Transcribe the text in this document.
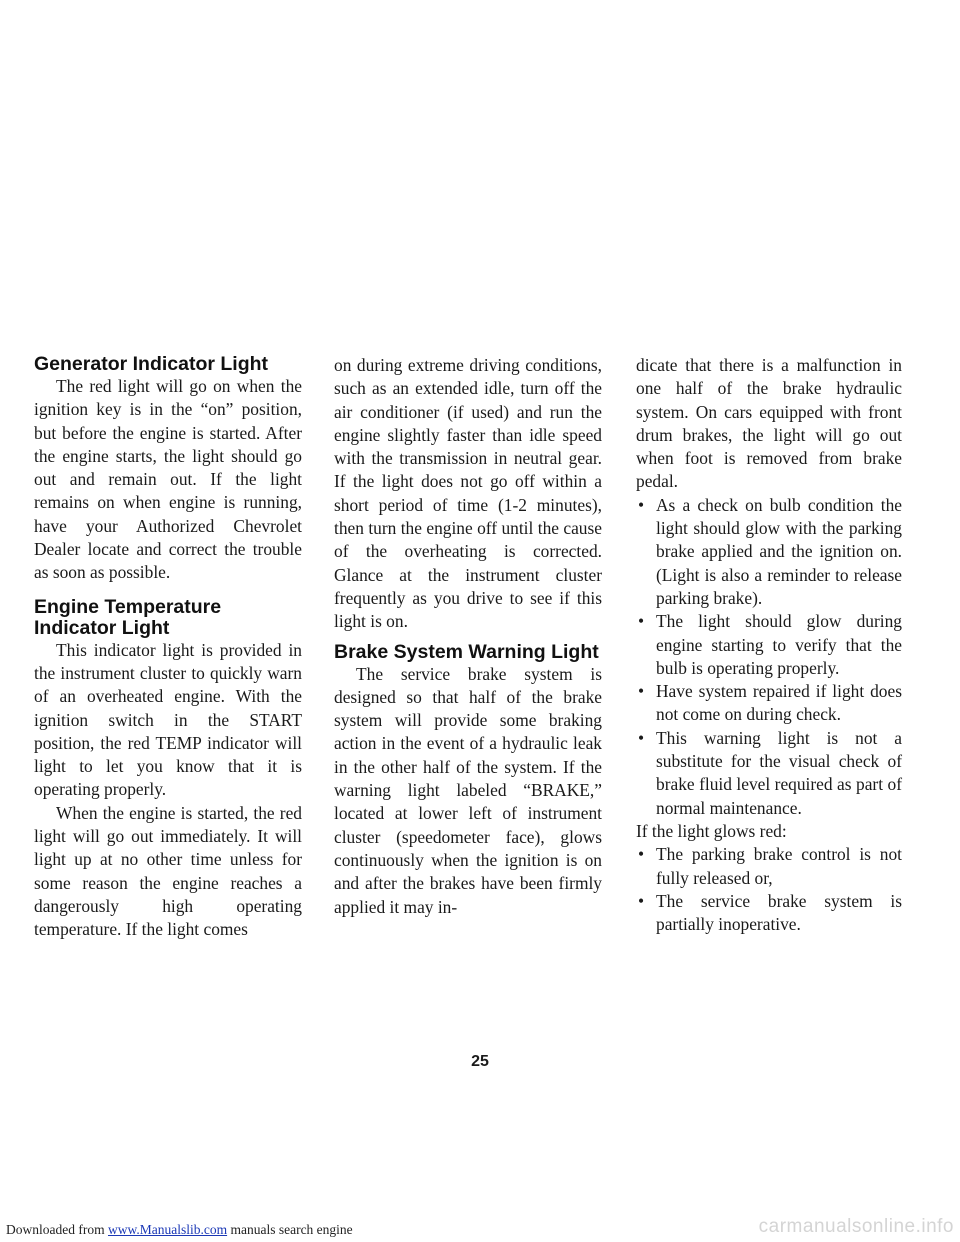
Generator Indicator Light

The red light will go on when the ignition key is in the “on” position, but before the engine is started. After the engine starts, the light should go out and remain out. If the light remains on when engine is running, have your Authorized Chevrolet Dealer locate and correct the trouble as soon as possible.

Engine Temperature Indicator Light

This indicator light is provided in the instrument cluster to quickly warn of an overheated engine. With the ignition switch in the START position, the red TEMP indicator will light to let you know that it is operating properly.

When the engine is started, the red light will go out immediately. It will light up at no other time unless for some reason the engine reaches a dangerously high operating temperature. If the light comes

on during extreme driving conditions, such as an extended idle, turn off the air conditioner (if used) and run the engine slightly faster than idle speed with the transmission in neutral gear. If the light does not go off within a short period of time (1-2 minutes), then turn the engine off until the cause of the overheating is corrected. Glance at the instrument cluster frequently as you drive to see if this light is on.

Brake System Warning Light

The service brake system is designed so that half of the brake system will provide some braking action in the event of a hydraulic leak in the other half of the system. If the warning light labeled “BRAKE,” located at lower left of instrument cluster (speedometer face), glows continuously when the ignition is on and after the brakes have been firmly applied it may in-

dicate that there is a malfunction in one half of the brake hydraulic system. On cars equipped with front drum brakes, the light will go out when foot is removed from brake pedal.

• As a check on bulb condition the light should glow with the parking brake applied and the ignition on. (Light is also a reminder to release parking brake).
• The light should glow during engine starting to verify that the bulb is operating properly.
• Have system repaired if light does not come on during check.
• This warning light is not a substitute for the visual check of brake fluid level required as part of normal maintenance.

If the light glows red:

• The parking brake control is not fully released or,
• The service brake system is partially inoperative.
25
Downloaded from www.Manualslib.com manuals search engine	carmanualsonline.info
